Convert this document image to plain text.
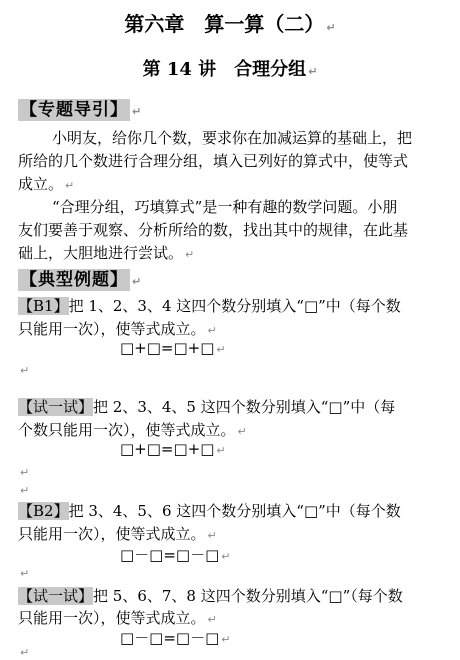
第六章　算一算（二） ↵
第 14 讲　合理分组 ↵
【专题导引】 ↵
小明友，给你几个数，要求你在加减运算的基础上，把
所给的几个数进行合理分组，填入已列好的算式中，使等式
成立。 ↵
“合理分组，巧填算式”是一种有趣的数学问题。小朋
友们要善于观察、分析所给的数，找出其中的规律，在此基
础上，大胆地进行尝试。 ↵
【典型例题】 ↵
【B1】把 1、2、3、4 这四个数分别填入“□”中（每个数
只能用一次），使等式成立。 ↵
□+□=□+□ ↵
↵
【试一试】把 2、3、4、5 这四个数分别填入“□”中（每
个数只能用一次），使等式成立。 ↵
□+□=□+□ ↵
↵
↵
【B2】把 3、4、5、6 这四个数分别填入“□”中（每个数
只能用一次），使等式成立。 ↵
□－□=□－□ ↵
↵
【试一试】把 5、6、7、8 这四个数分别填入“□”（每个数
只能用一次），使等式成立。 ↵
□－□=□－□ ↵
↵
